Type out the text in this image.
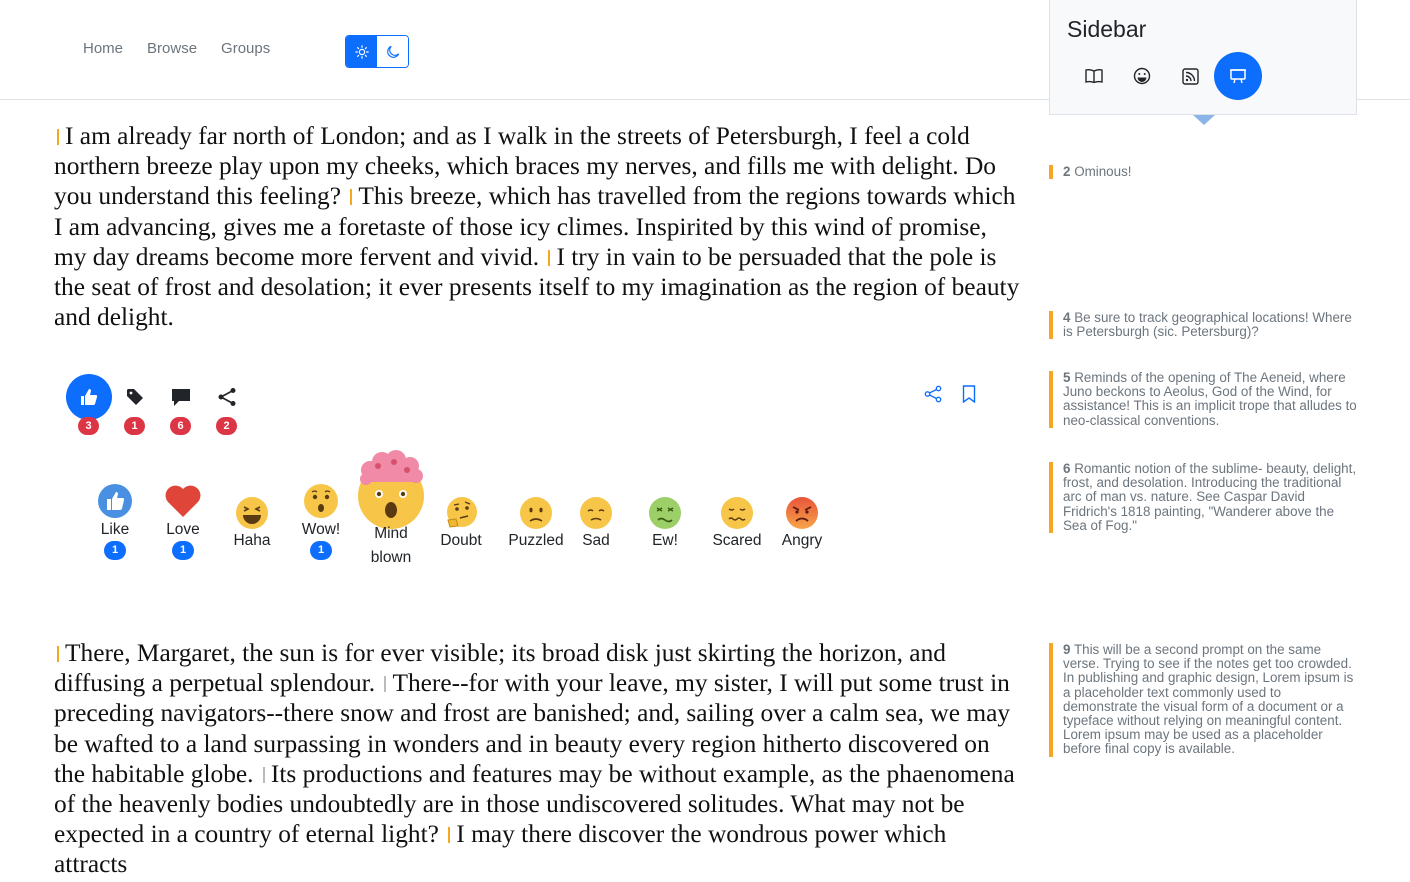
Home Browse Groups
Sidebar
I am already far north of London; and as I walk in the streets of Petersburgh, I feel a cold northern breeze play upon my cheeks, which braces my nerves, and fills me with delight. Do you understand this feeling? This breeze, which has travelled from the regions towards which I am advancing, gives me a foretaste of those icy climes. Inspirited by this wind of promise, my day dreams become more fervent and vivid. I try in vain to be persuaded that the pole is the seat of frost and desolation; it ever presents itself to my imagination as the region of beauty and delight.
3	1	6	2
Like
1
Love
1
Haha
Wow!
1
Mind blown
Doubt Puzzled	Sad	Ew!	Scared Angry
There, Margaret, the sun is for ever visible; its broad disk just skirting the horizon, and diffusing a perpetual splendour. There--for with your leave, my sister, I will put some trust in preceding navigators--there snow and frost are banished; and, sailing over a calm sea, we may be wafted to a land surpassing in wonders and in beauty every region hitherto discovered on the habitable globe. Its productions and features may be without example, as the phaenomena of the heavenly bodies undoubtedly are in those undiscovered solitudes. What may not be expected in a country of eternal light? I may there discover the wondrous power which attracts
2 Ominous!
4 Be sure to track geographical locations! Where is Petersburgh (sic. Petersburg)?
5 Reminds of the opening of The Aeneid, where Juno beckons to Aeolus, God of the Wind, for assistance! This is an implicit trope that alludes to neo-classical conventions.
6 Romantic notion of the sublime- beauty, delight, frost, and desolation. Introducing the traditional arc of man vs. nature. See Caspar David Fridrich's 1818 painting, "Wanderer above the Sea of Fog."
9 This will be a second prompt on the same verse. Trying to see if the notes get too crowded. In publishing and graphic design, Lorem ipsum is a placeholder text commonly used to demonstrate the visual form of a document or a typeface without relying on meaningful content. Lorem ipsum may be used as a placeholder before final copy is available.
